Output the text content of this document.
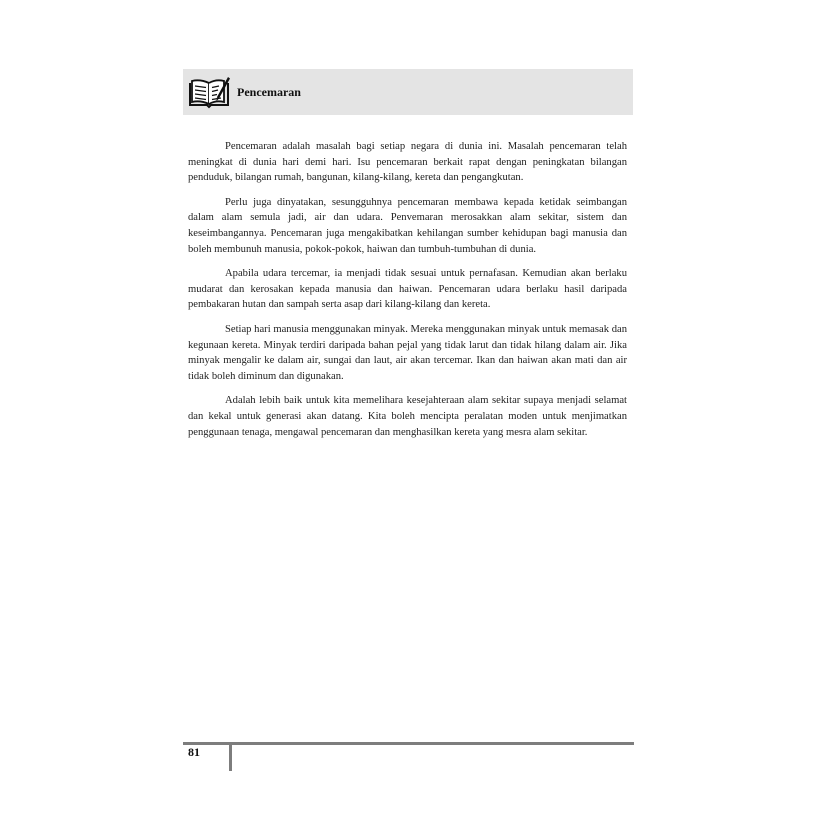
Pencemaran

Pencemaran adalah masalah bagi setiap negara di dunia ini. Masalah pencemaran telah meningkat di dunia hari demi hari. Isu pencemaran berkait rapat dengan peningkatan bilangan penduduk, bilangan rumah, bangunan, kilang-kilang, kereta dan pengangkutan.

Perlu juga dinyatakan, sesungguhnya pencemaran membawa kepada ketidak seimbangan dalam alam semula jadi, air dan udara. Penvemaran merosakkan alam sekitar, sistem dan keseimbangannya. Pencemaran juga mengakibatkan kehilangan sumber kehidupan bagi manusia dan boleh membunuh manusia, pokok-pokok, haiwan dan tumbuh-tumbuhan di dunia.

Apabila udara tercemar, ia menjadi tidak sesuai untuk pernafasan. Kemudian akan berlaku mudarat dan kerosakan kepada manusia dan haiwan. Pencemaran udara berlaku hasil daripada pembakaran hutan dan sampah serta asap dari kilang-kilang dan kereta.

Setiap hari manusia menggunakan minyak. Mereka menggunakan minyak untuk memasak dan kegunaan kereta. Minyak terdiri daripada bahan pejal yang tidak larut dan tidak hilang dalam air. Jika minyak mengalir ke dalam air, sungai dan laut, air akan tercemar. Ikan dan haiwan akan mati dan air tidak boleh diminum dan digunakan.

Adalah lebih baik untuk kita memelihara kesejahteraan alam sekitar supaya menjadi selamat dan kekal untuk generasi akan datang. Kita boleh mencipta peralatan moden untuk menjimatkan penggunaan tenaga, mengawal pencemaran dan menghasilkan kereta yang mesra alam sekitar.

81
